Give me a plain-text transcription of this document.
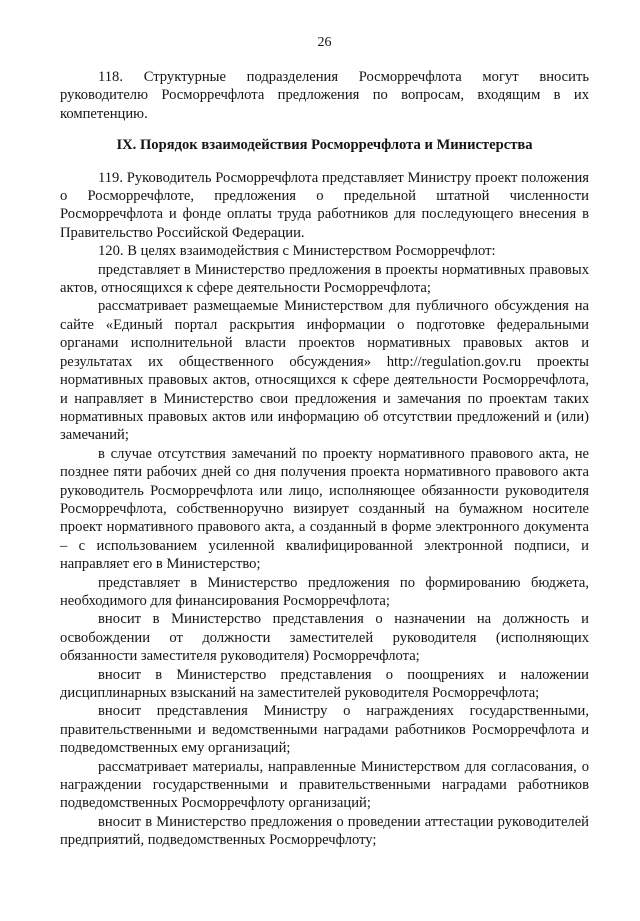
26

118. Структурные подразделения Росморречфлота могут вносить руководителю Росморречфлота предложения по вопросам, входящим в их компетенцию.

IX. Порядок взаимодействия Росморречфлота и Министерства

119. Руководитель Росморречфлота представляет Министру проект положения о Росморречфлоте, предложения о предельной штатной численности Росморречфлота и фонде оплаты труда работников для последующего внесения в Правительство Российской Федерации.

120. В целях взаимодействия с Министерством Росморречфлот:

представляет в Министерство предложения в проекты нормативных правовых актов, относящихся к сфере деятельности Росморречфлота;

рассматривает размещаемые Министерством для публичного обсуждения на сайте «Единый портал раскрытия информации о подготовке федеральными органами исполнительной власти проектов нормативных правовых актов и результатах их общественного обсуждения» http://regulation.gov.ru проекты нормативных правовых актов, относящихся к сфере деятельности Росморречфлота, и направляет в Министерство свои предложения и замечания по проектам таких нормативных правовых актов или информацию об отсутствии предложений и (или) замечаний;

в случае отсутствия замечаний по проекту нормативного правового акта, не позднее пяти рабочих дней со дня получения проекта нормативного правового акта руководитель Росморречфлота или лицо, исполняющее обязанности руководителя Росморречфлота, собственноручно визирует созданный на бумажном носителе проект нормативного правового акта, а созданный в форме электронного документа – с использованием усиленной квалифицированной электронной подписи, и направляет его в Министерство;

представляет в Министерство предложения по формированию бюджета, необходимого для финансирования Росморречфлота;

вносит в Министерство представления о назначении на должность и освобождении от должности заместителей руководителя (исполняющих обязанности заместителя руководителя) Росморречфлота;

вносит в Министерство представления о поощрениях и наложении дисциплинарных взысканий на заместителей руководителя Росморречфлота;

вносит представления Министру о награждениях государственными, правительственными и ведомственными наградами работников Росморречфлота и подведомственных ему организаций;

рассматривает материалы, направленные Министерством для согласования, о награждении государственными и правительственными наградами работников подведомственных Росморречфлоту организаций;

вносит в Министерство предложения о проведении аттестации руководителей предприятий, подведомственных Росморречфлоту;
